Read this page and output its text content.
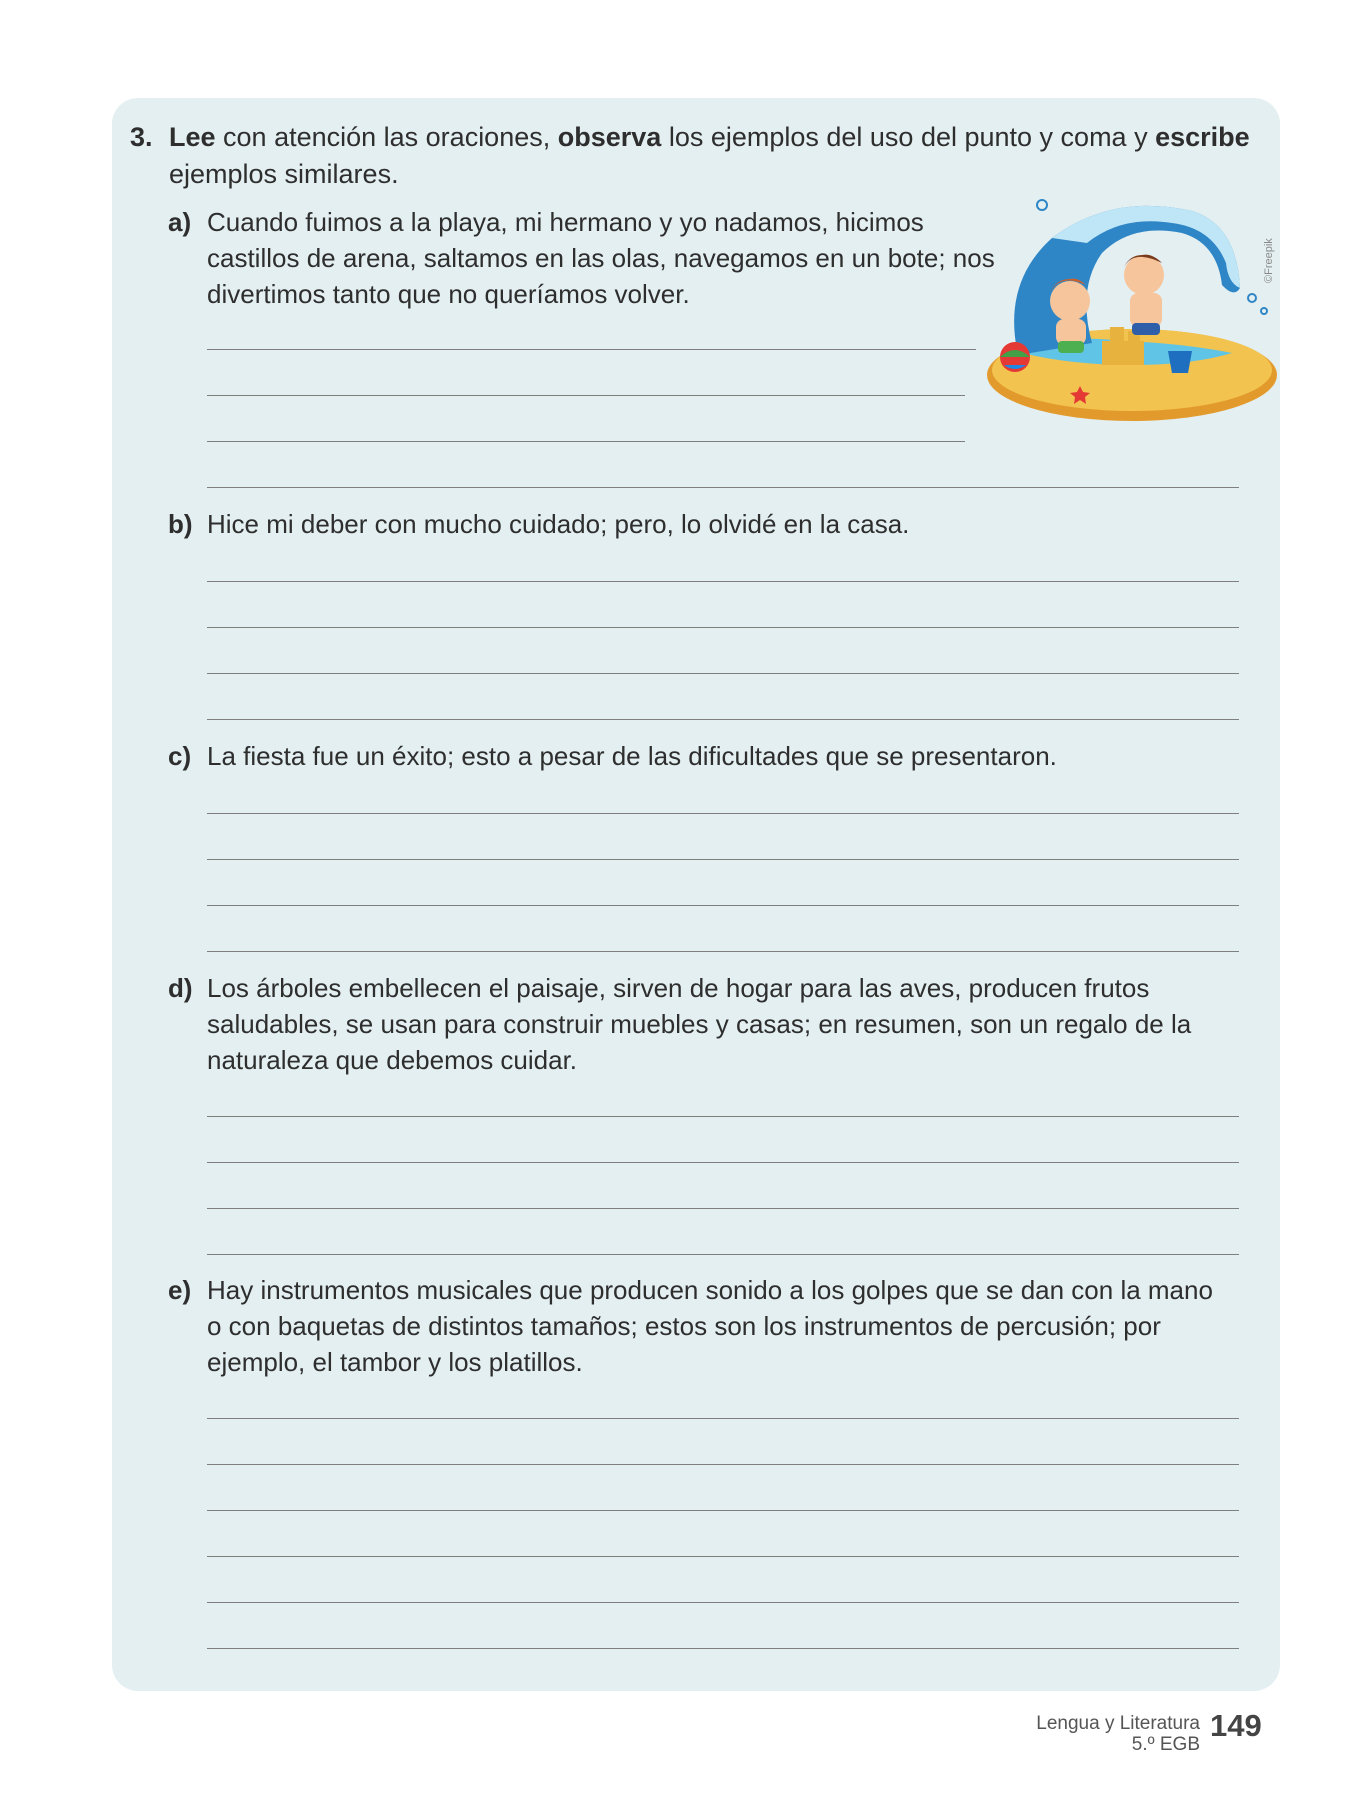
3. Lee con atención las oraciones, observa los ejemplos del uso del punto y coma y escribe ejemplos similares.
a) Cuando fuimos a la playa, mi hermano y yo nadamos, hicimos
castillos de arena, saltamos en las olas, navegamos en un bote; nos
divertimos tanto que no queríamos volver.
b) Hice mi deber con mucho cuidado; pero, lo olvidé en la casa.
c) La fiesta fue un éxito; esto a pesar de las dificultades que se presentaron.
d) Los árboles embellecen el paisaje, sirven de hogar para las aves, producen frutos
saludables, se usan para construir muebles y casas; en resumen, son un regalo de la
naturaleza que debemos cuidar.
e) Hay instrumentos musicales que producen sonido a los golpes que se dan con la mano
o con baquetas de distintos tamaños; estos son los instrumentos de percusión; por
ejemplo, el tambor y los platillos.
©Freepik
Lengua y Literatura
5.º EGB
149
